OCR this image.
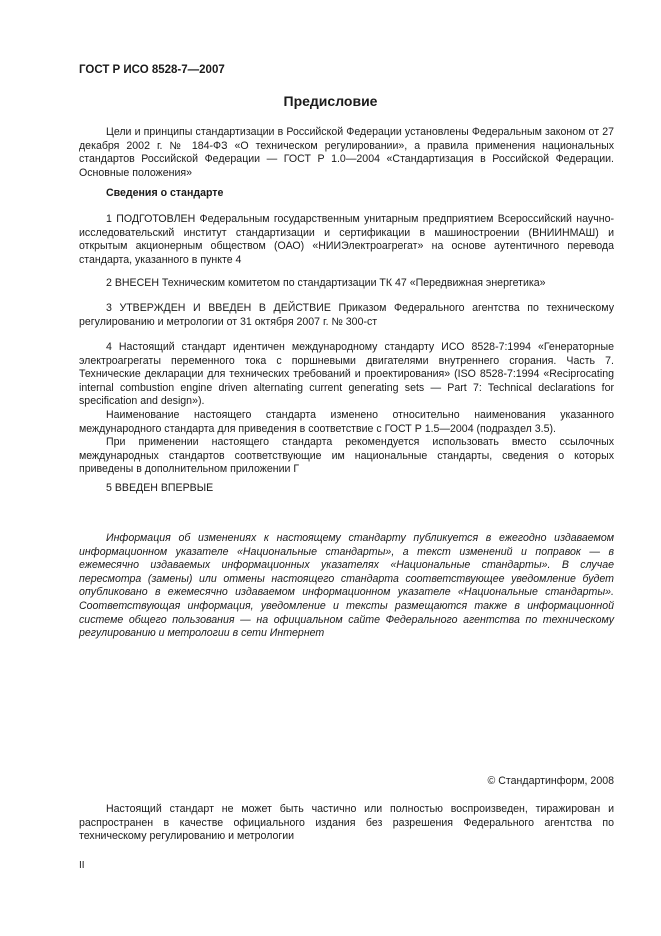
ГОСТ Р ИСО 8528-7—2007
Предисловие

Цели и принципы стандартизации в Российской Федерации установлены Федеральным законом от 27 декабря 2002 г. № 184-ФЗ «О техническом регулировании», а правила применения национальных стандартов Российской Федерации — ГОСТ Р 1.0—2004 «Стандартизация в Российской Федерации. Основные положения»

Сведения о стандарте

1 ПОДГОТОВЛЕН Федеральным государственным унитарным предприятием Всероссийский научно-исследовательский институт стандартизации и сертификации в машиностроении (ВНИИНМАШ) и открытым акционерным обществом (ОАО) «НИИЭлектроагрегат» на основе аутентичного перевода стандарта, указанного в пункте 4

2 ВНЕСЕН Техническим комитетом по стандартизации ТК 47 «Передвижная энергетика»

3 УТВЕРЖДЕН И ВВЕДЕН В ДЕЙСТВИЕ Приказом Федерального агентства по техническому регулированию и метрологии от 31 октября 2007 г. № 300-ст

4 Настоящий стандарт идентичен международному стандарту ИСО 8528-7:1994 «Генераторные электроагрегаты переменного тока с поршневыми двигателями внутреннего сгорания. Часть 7. Технические декларации для технических требований и проектирования» (ISO 8528-7:1994 «Reciprocating internal combustion engine driven alternating current generating sets — Part 7: Technical declarations for specification and design»).

Наименование настоящего стандарта изменено относительно наименования указанного международного стандарта для приведения в соответствие с ГОСТ Р 1.5—2004 (подраздел 3.5).

При применении настоящего стандарта рекомендуется использовать вместо ссылочных международных стандартов соответствующие им национальные стандарты, сведения о которых приведены в дополнительном приложении Г

5 ВВЕДЕН ВПЕРВЫЕ

Информация об изменениях к настоящему стандарту публикуется в ежегодно издаваемом информационном указателе «Национальные стандарты», а текст изменений и поправок — в ежемесячно издаваемых информационных указателях «Национальные стандарты». В случае пересмотра (замены) или отмены настоящего стандарта соответствующее уведомление будет опубликовано в ежемесячно издаваемом информационном указателе «Национальные стандарты». Соответствующая информация, уведомление и тексты размещаются также в информационной системе общего пользования — на официальном сайте Федерального агентства по техническому регулированию и метрологии в сети Интернет

© Стандартинформ, 2008

Настоящий стандарт не может быть частично или полностью воспроизведен, тиражирован и распространен в качестве официального издания без разрешения Федерального агентства по техническому регулированию и метрологии

II
